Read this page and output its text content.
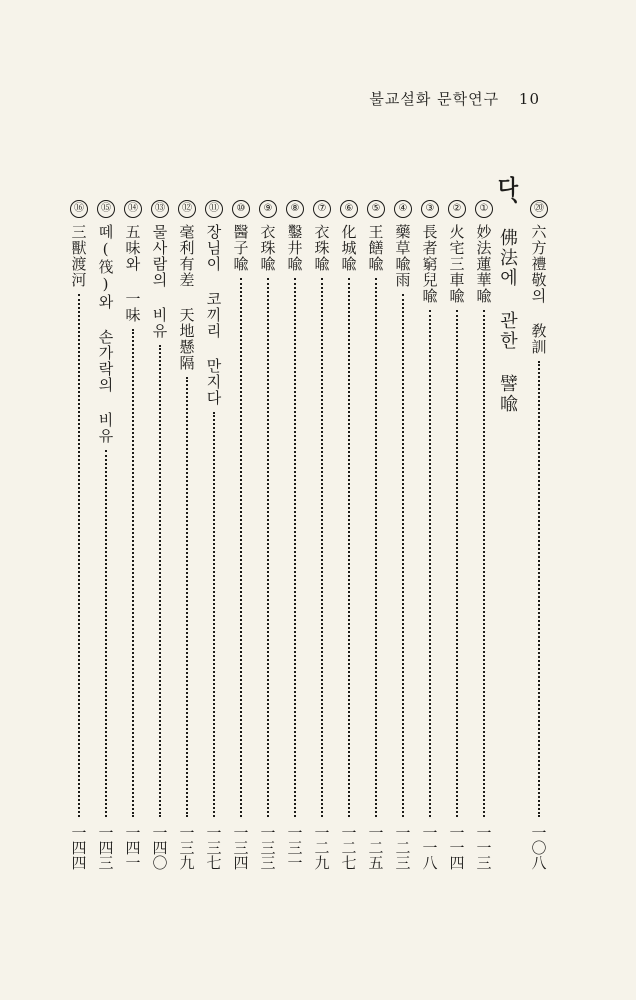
불교설화 문학연구 10
⑳
六方禮敬의 敎訓
一〇八
다、
佛法에 관한 譬喩
①
妙法蓮華喩
一一三
②
火宅三車喩
一一四
③
長者窮兒喩
一一八
④
藥草喩雨
一二三
⑤
王饍喩
一二五
⑥
化城喩
一二七
⑦
衣珠喩
一二九
⑧
鑿井喩
一三一
⑨
衣珠喩
一三三
⑩
醫子喩
一三四
⑪
장님이 코끼리 만지다
一三七
⑫
毫利有差 天地懸隔
一三九
⑬
물사람의 비유
一四〇
⑭
五味와 一味
一四一
⑮
떼(筏)와 손가락의 비유
一四三
⑯
三獸渡河
一四四
